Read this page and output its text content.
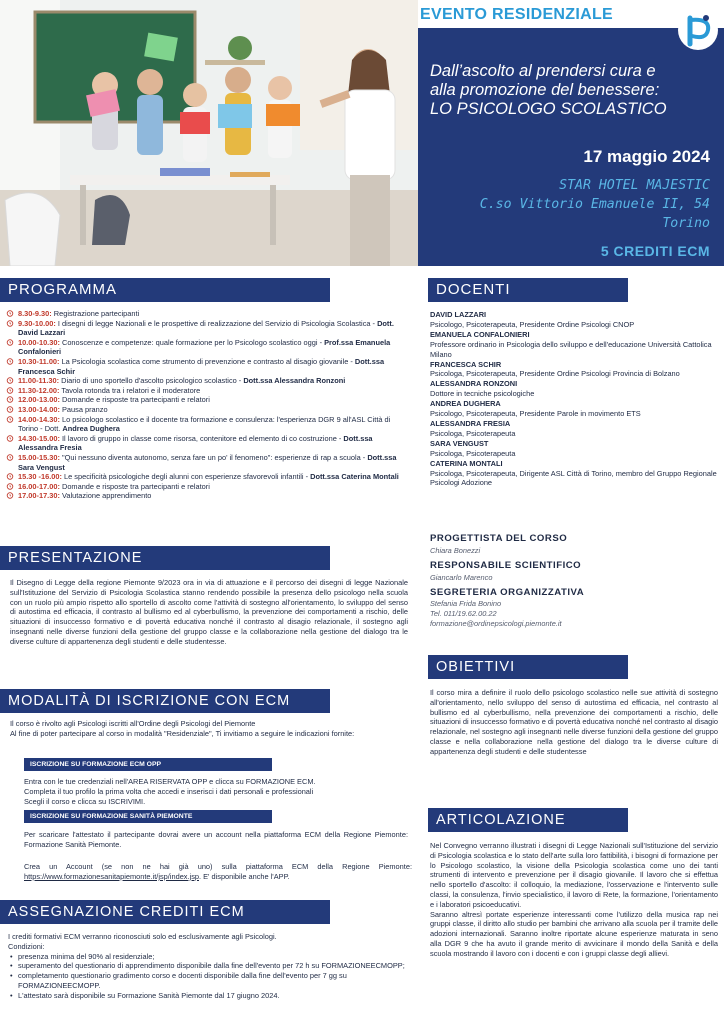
EVENTO RESIDENZIALE
Dall’ascolto al prendersi cura e alla promozione del benessere: LO PSICOLOGO SCOLASTICO
17 maggio 2024
STAR HOTEL MAJESTIC
C.so Vittorio Emanuele II, 54
Torino
5 CREDITI ECM
PROGRAMMA
8.30-9.30: Registrazione partecipanti
9.30-10.00: I disegni di legge Nazionali e le prospettive di realizzazione del Servizio di Psicologia Scolastica - Dott. David Lazzari
10.00-10.30: Conoscenze e competenze: quale formazione per lo Psicologo scolastico oggi - Prof.ssa Emanuela Confalonieri
10.30-11.00: La Psicologia scolastica come strumento di prevenzione e contrasto al disagio giovanile - Dott.ssa Francesca Schir
11.00-11.30: Diario di uno sportello d'ascolto psicologico scolastico - Dott.ssa Alessandra Ronzoni
11.30-12.00: Tavola rotonda tra i relatori e il moderatore
12.00-13.00: Domande e risposte tra partecipanti e relatori
13.00-14.00: Pausa pranzo
14.00-14.30: Lo psicologo scolastico e il docente tra formazione e consulenza: l'esperienza DGR 9 all'ASL Città di Torino - Dott. Andrea Dughera
14.30-15.00: Il lavoro di gruppo in classe come risorsa, contenitore ed elemento di co costruzione - Dott.ssa Alessandra Fresia
15.00-15.30: "Qui nessuno diventa autonomo, senza fare un po' il fenomeno": esperienze di rap a scuola - Dott.ssa Sara Vengust
15.30 -16.00: Le specificità psicologiche degli alunni con esperienze sfavorevoli infantili - Dott.ssa Caterina Montali
16.00-17.00: Domande e risposte tra partecipanti e relatori
17.00-17.30: Valutazione apprendimento
PRESENTAZIONE
Il Disegno di Legge della regione Piemonte 9/2023 ora in via di attuazione e il percorso dei disegni di legge Nazionale sull'Istituzione del Servizio di Psicologia Scolastica stanno rendendo possibile la presenza dello psicologo nella scuola con un ruolo più ampio rispetto allo sportello di ascolto come l'attività di sostegno all'orientamento, lo sviluppo del senso di autostima ed efficacia, il contrasto al bullismo ed al cyberbullismo, la prevenzione dei comportamenti a rischio, delle situazioni di insuccesso formativo e di povertà educativa nonché il contrasto al disagio relazionale, il sostegno agli insegnanti nelle diverse funzioni della gestione del gruppo classe e la collaborazione nella gestione del dialogo tra le diverse culture di appartenenza degli studenti e delle studentesse.
MODALITÀ DI ISCRIZIONE CON ECM
Il corso è rivolto agli Psicologi iscritti all'Ordine degli Psicologi del Piemonte
Al fine di poter partecipare al corso in modalità "Residenziale", Ti invitiamo a seguire le indicazioni fornite:
ISCRIZIONE SU FORMAZIONE ECM OPP
Entra con le tue credenziali nell'AREA RISERVATA OPP e clicca su FORMAZIONE ECM.
Completa il tuo profilo la prima volta che accedi e inserisci i dati personali e professionali
Scegli il corso e clicca su ISCRIVIMI.
ISCRIZIONE SU FORMAZIONE SANITÀ PIEMONTE
Per scaricare l'attestato il partecipante dovrai avere un account nella piattaforma ECM della Regione Piemonte: Formazione Sanità Piemonte.
Crea un Account (se non ne hai già uno) sulla piattaforma ECM della Regione Piemonte: https://www.formazionesanitapiemonte.it/jsp/index.jsp. E' disponibile anche l'APP.
ASSEGNAZIONE CREDITI ECM
I crediti formativi ECM verranno riconosciuti solo ed esclusivamente agli Psicologi.
Condizioni:
• presenza minima del 90% al residenziale;
• superamento del questionario di apprendimento disponibile dalla fine dell'evento per 72 h su FORMAZIONEECMOPP;
• completamento questionario gradimento corso e docenti disponibile dalla fine dell'evento per 7 gg su FORMAZIONEECMOPP.
• L'attestato sarà disponibile su Formazione Sanità Piemonte dal 17 giugno 2024.
DOCENTI
DAVID LAZZARI
Psicologo, Psicoterapeuta, Presidente Ordine Psicologi CNOP
EMANUELA CONFALONIERI
Professore ordinario in Psicologia dello sviluppo e dell'educazione Università Cattolica Milano
FRANCESCA SCHIR
Psicologa, Psicoterapeuta, Presidente Ordine Psicologi Provincia di Bolzano
ALESSANDRA RONZONI
Dottore in tecniche psicologiche
ANDREA DUGHERA
Psicologo, Psicoterapeuta, Presidente Parole in movimento ETS
ALESSANDRA FRESIA
Psicologa, Psicoterapeuta
SARA VENGUST
Psicologa, Psicoterapeuta
CATERINA MONTALI
Psicologa, Psicoterapeuta, Dirigente ASL Città di Torino, membro del Gruppo Regionale Psicologi Adozione
PROGETTISTA DEL CORSO
Chiara Bonezzi
RESPONSABILE SCIENTIFICO
Giancarlo Marenco
SEGRETERIA ORGANIZZATIVA
Stefania Frida Bonino
Tel. 011/19.62.00.22
formazione@ordinepsicologi.piemonte.it
OBIETTIVI
Il corso mira a definire il ruolo dello psicologo scolastico nelle sue attività di sostegno all'orientamento, nello sviluppo del senso di autostima ed efficacia, nel contrasto al bullismo ed al cyberbullismo, nella prevenzione dei comportamenti a rischio, delle situazioni di insuccesso formativo e di povertà educativa nonché nel contrasto al disagio relazionale, nel sostegno agli insegnanti nelle diverse funzioni della gestione del gruppo classe e nella collaborazione nella gestione del dialogo tra le diverse culture di appartenenza degli studenti e delle studentesse
ARTICOLAZIONE
Nel Convegno verranno illustrati i disegni di Legge Nazionali sull'Istituzione del servizio di Psicologia scolastica e lo stato dell'arte sulla loro fattibilità, i bisogni di formazione per lo Psicologo scolastico, la visione della Psicologia scolastica come uno dei tanti strumenti di intervento e prevenzione per il disagio giovanile. Il lavoro che si effettua nello sportello d'ascolto: il colloquio, la mediazione, l'osservazione e l'intervento sulle classi, la consulenza, l'invio specialistico, il lavoro di Rete, la formazione, l'orientamento e i laboratori psicoeducativi.
Saranno altresì portate esperienze interessanti come l'utilizzo della musica rap nei gruppi classe, il diritto allo studio per bambini che arrivano alla scuola per il tramite delle adozioni internazionali. Saranno inoltre riportate alcune esperienze maturata in seno alla DGR 9 che ha avuto il grande merito di avvicinare il mondo della Sanità e della scuola mostrando il lavoro con i docenti e con i gruppi classe degli allievi.
